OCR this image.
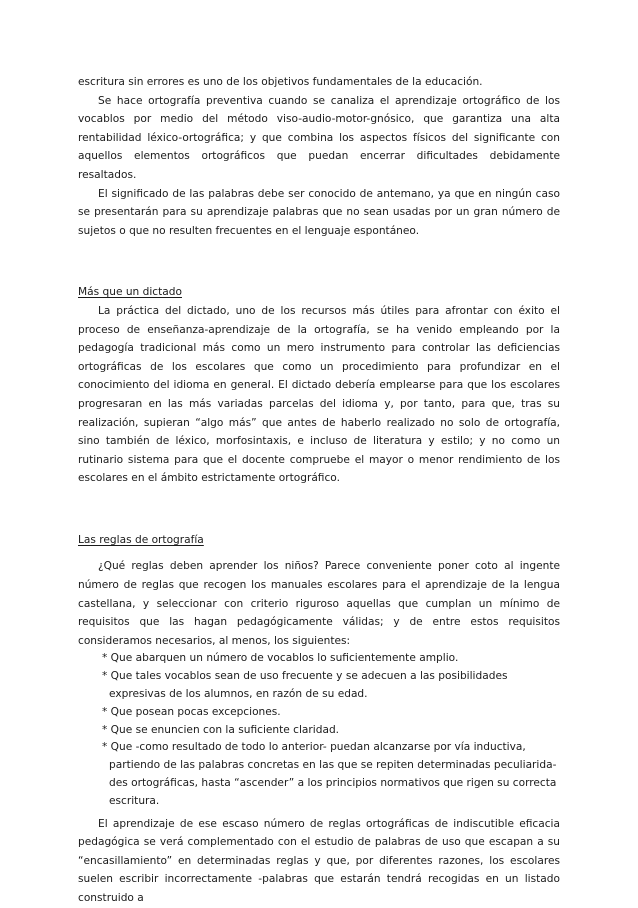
escritura sin errores es uno de los objetivos fundamentales de la educación.

Se hace ortografía preventiva cuando se canaliza el aprendizaje ortográfico de los vocablos por medio del método viso-audio-motor-gnósico, que garantiza una alta rentabilidad léxico-ortográfica; y que combina los aspectos físicos del significante con aquellos elementos ortográficos que puedan encerrar dificultades debidamente resaltados.

El significado de las palabras debe ser conocido de antemano, ya que en ningún caso se presentarán para su aprendizaje palabras que no sean usadas por un gran número de sujetos o que no resulten frecuentes en el lenguaje espontáneo.

Más que un dictado

La práctica del dictado, uno de los recursos más útiles para afrontar con éxito el proceso de enseñanza-aprendizaje de la ortografía, se ha venido empleando por la pedagogía tradicional más como un mero instrumento para controlar las deficiencias ortográficas de los escolares que como un procedimiento para profundizar en el conocimiento del idioma en general. El dictado debería emplearse para que los escolares progresaran en las más variadas parcelas del idioma y, por tanto, para que, tras su realización, supieran “algo más” que antes de haberlo realizado no solo de ortografía, sino también de léxico, morfosintaxis, e incluso de literatura y estilo; y no como un rutinario sistema para que el docente compruebe el mayor o menor rendimiento de los escolares en el ámbito estrictamente ortográfico.

Las reglas de ortografía

¿Qué reglas deben aprender los niños? Parece conveniente poner coto al ingente número de reglas que recogen los manuales escolares para el aprendizaje de la lengua castellana, y seleccionar con criterio riguroso aquellas que cumplan un mínimo de requisitos que las hagan pedagógicamente válidas; y de entre estos requisitos consideramos necesarios, al menos, los siguientes:

* Que abarquen un número de vocablos lo suficientemente amplio.
* Que tales vocablos sean de uso frecuente y se adecuen a las posibilidades expresivas de los alumnos, en razón de su edad.
* Que posean pocas excepciones.
* Que se enuncien con la suficiente claridad.
* Que -como resultado de todo lo anterior- puedan alcanzarse por vía inductiva, partiendo de las palabras concretas en las que se repiten determinadas peculiarida- des ortográficas, hasta “ascender” a los principios normativos que rigen su correcta escritura.

El aprendizaje de ese escaso número de reglas ortográficas de indiscutible eficacia pedagógica se verá complementado con el estudio de palabras de uso que escapan a su “encasillamiento” en determinadas reglas y que, por diferentes razones, los escolares suelen escribir incorrectamente -palabras que estarán tendrá recogidas en un listado construido a
